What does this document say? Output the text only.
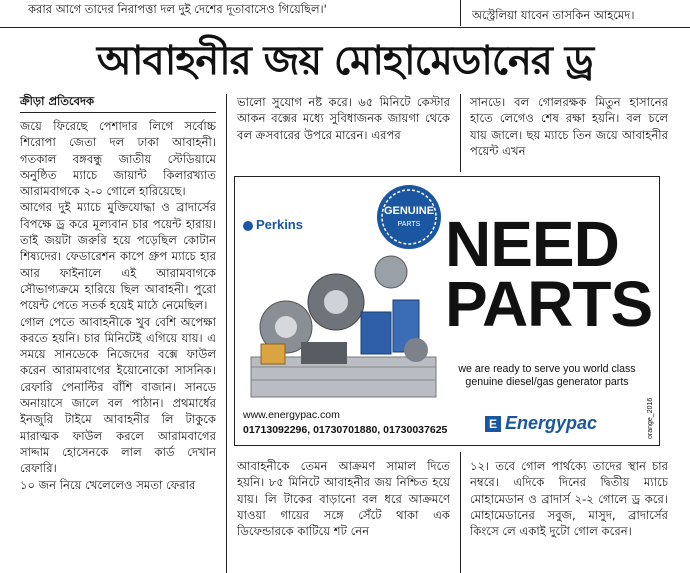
করার আগে তাদের নিরাপত্তা দল দুই দেশের দূতাবাসেও গিয়েছিল।'	অস্ট্রেলিয়া যাবেন তাসকিন আহমেদ।
আবাহনীর জয় মোহামেডানের ড্র
ক্রীড়া প্রতিবেদক

জয়ে ফিরেছে পেশাদার লিগে সর্বোচ্চ শিরোপা জেতা দল ঢাকা আবাহনী। গতকাল বঙ্গবন্ধু জাতীয় স্টেডিয়ামে অনুষ্ঠিত ম্যাচে জায়ান্ট কিলারখ্যাত আরামবাগকে ২-০ গোলে হারিয়েছে।

আগের দুই ম্যাচে মুক্তিযোদ্ধা ও ব্রাদার্সের বিপক্ষে ড্র করে মূল্যবান চার পয়েন্ট হারায়। তাই জয়টা জরুরি হয়ে পড়েছিল কোটান শিষ্যদের। ফেডারেশন কাপে গ্রুপ ম্যাচে হার আর ফাইনালে এই আরামবাগকে সৌভাগ্যক্রমে হারিয়ে ছিল আবাহনী। পুরো পয়েন্ট পেতে সতর্ক হয়েই মাঠে নেমেছিল।

গোল পেতে আবাহনীকে খুব বেশি অপেক্ষা করতে হয়নি। চার মিনিটেই এগিয়ে যায়। এ সময়ে সানডেকে নিজেদের বক্সে ফাউল করেন আরামবাগের ইয়োনোকো সাসনিক। রেফারি পেনাল্টির বাঁশি বাজান। সানডে অনায়াসে জালে বল পাঠান। প্রথমার্ধের ইনজুরি টাইমে আবাহনীর লি টাকুকে মারাত্মক ফাউল করলে আরামবাগের সাদ্দাম হোসেনকে লাল কার্ড দেখান রেফারি।

১০ জন নিয়ে খেলেলেও সমতা ফেরার

ভালো সুযোগ নষ্ট করে। ৬৫ মিনিটে কেস্টার আকন বক্সের মধ্যে সুবিধাজনক জায়গা থেকে বল ক্রসবারের উপরে মারেন। এরপর
সানডে। বল গোলরক্ষক মিতুন হাসানের হাতে লেগেও শেষ রক্ষা হয়নি। বল চলে যায় জালে। ছয় ম্যাচে তিন জয়ে আবাহনীর পয়েন্ট এখন
Perkins
GENUINE
PARTS NEED
PARTS
we are ready to serve you world class
genuine diesel/gas generator parts
www.energypac.com
01713092296, 01730701880, 01730037625	E Energypac	orange_2016
আবাহনীকে তেমন আক্রমণ সামাল দিতে হয়নি। ৮৫ মিনিটে আবাহনীর জয় নিশ্চিত হয়ে যায়। লি টাকের বাড়ানো বল ধরে আক্রমণে যাওয়া গায়ের সঙ্গে সেঁটে থাকা এক ডিফেন্ডারকে কাটিয়ে শট নেন
১২। তবে গোল পার্থক্যে তাদের স্থান চার নম্বরে। এদিকে দিনের দ্বিতীয় ম্যাচে মোহামেডান ও ব্রাদার্স ২-২ গোলে ড্র করে। মোহামেডানের সবুজ, মাসুদ, ব্রাদার্সের কিংসে লে একাই দুটো গোল করেন।
